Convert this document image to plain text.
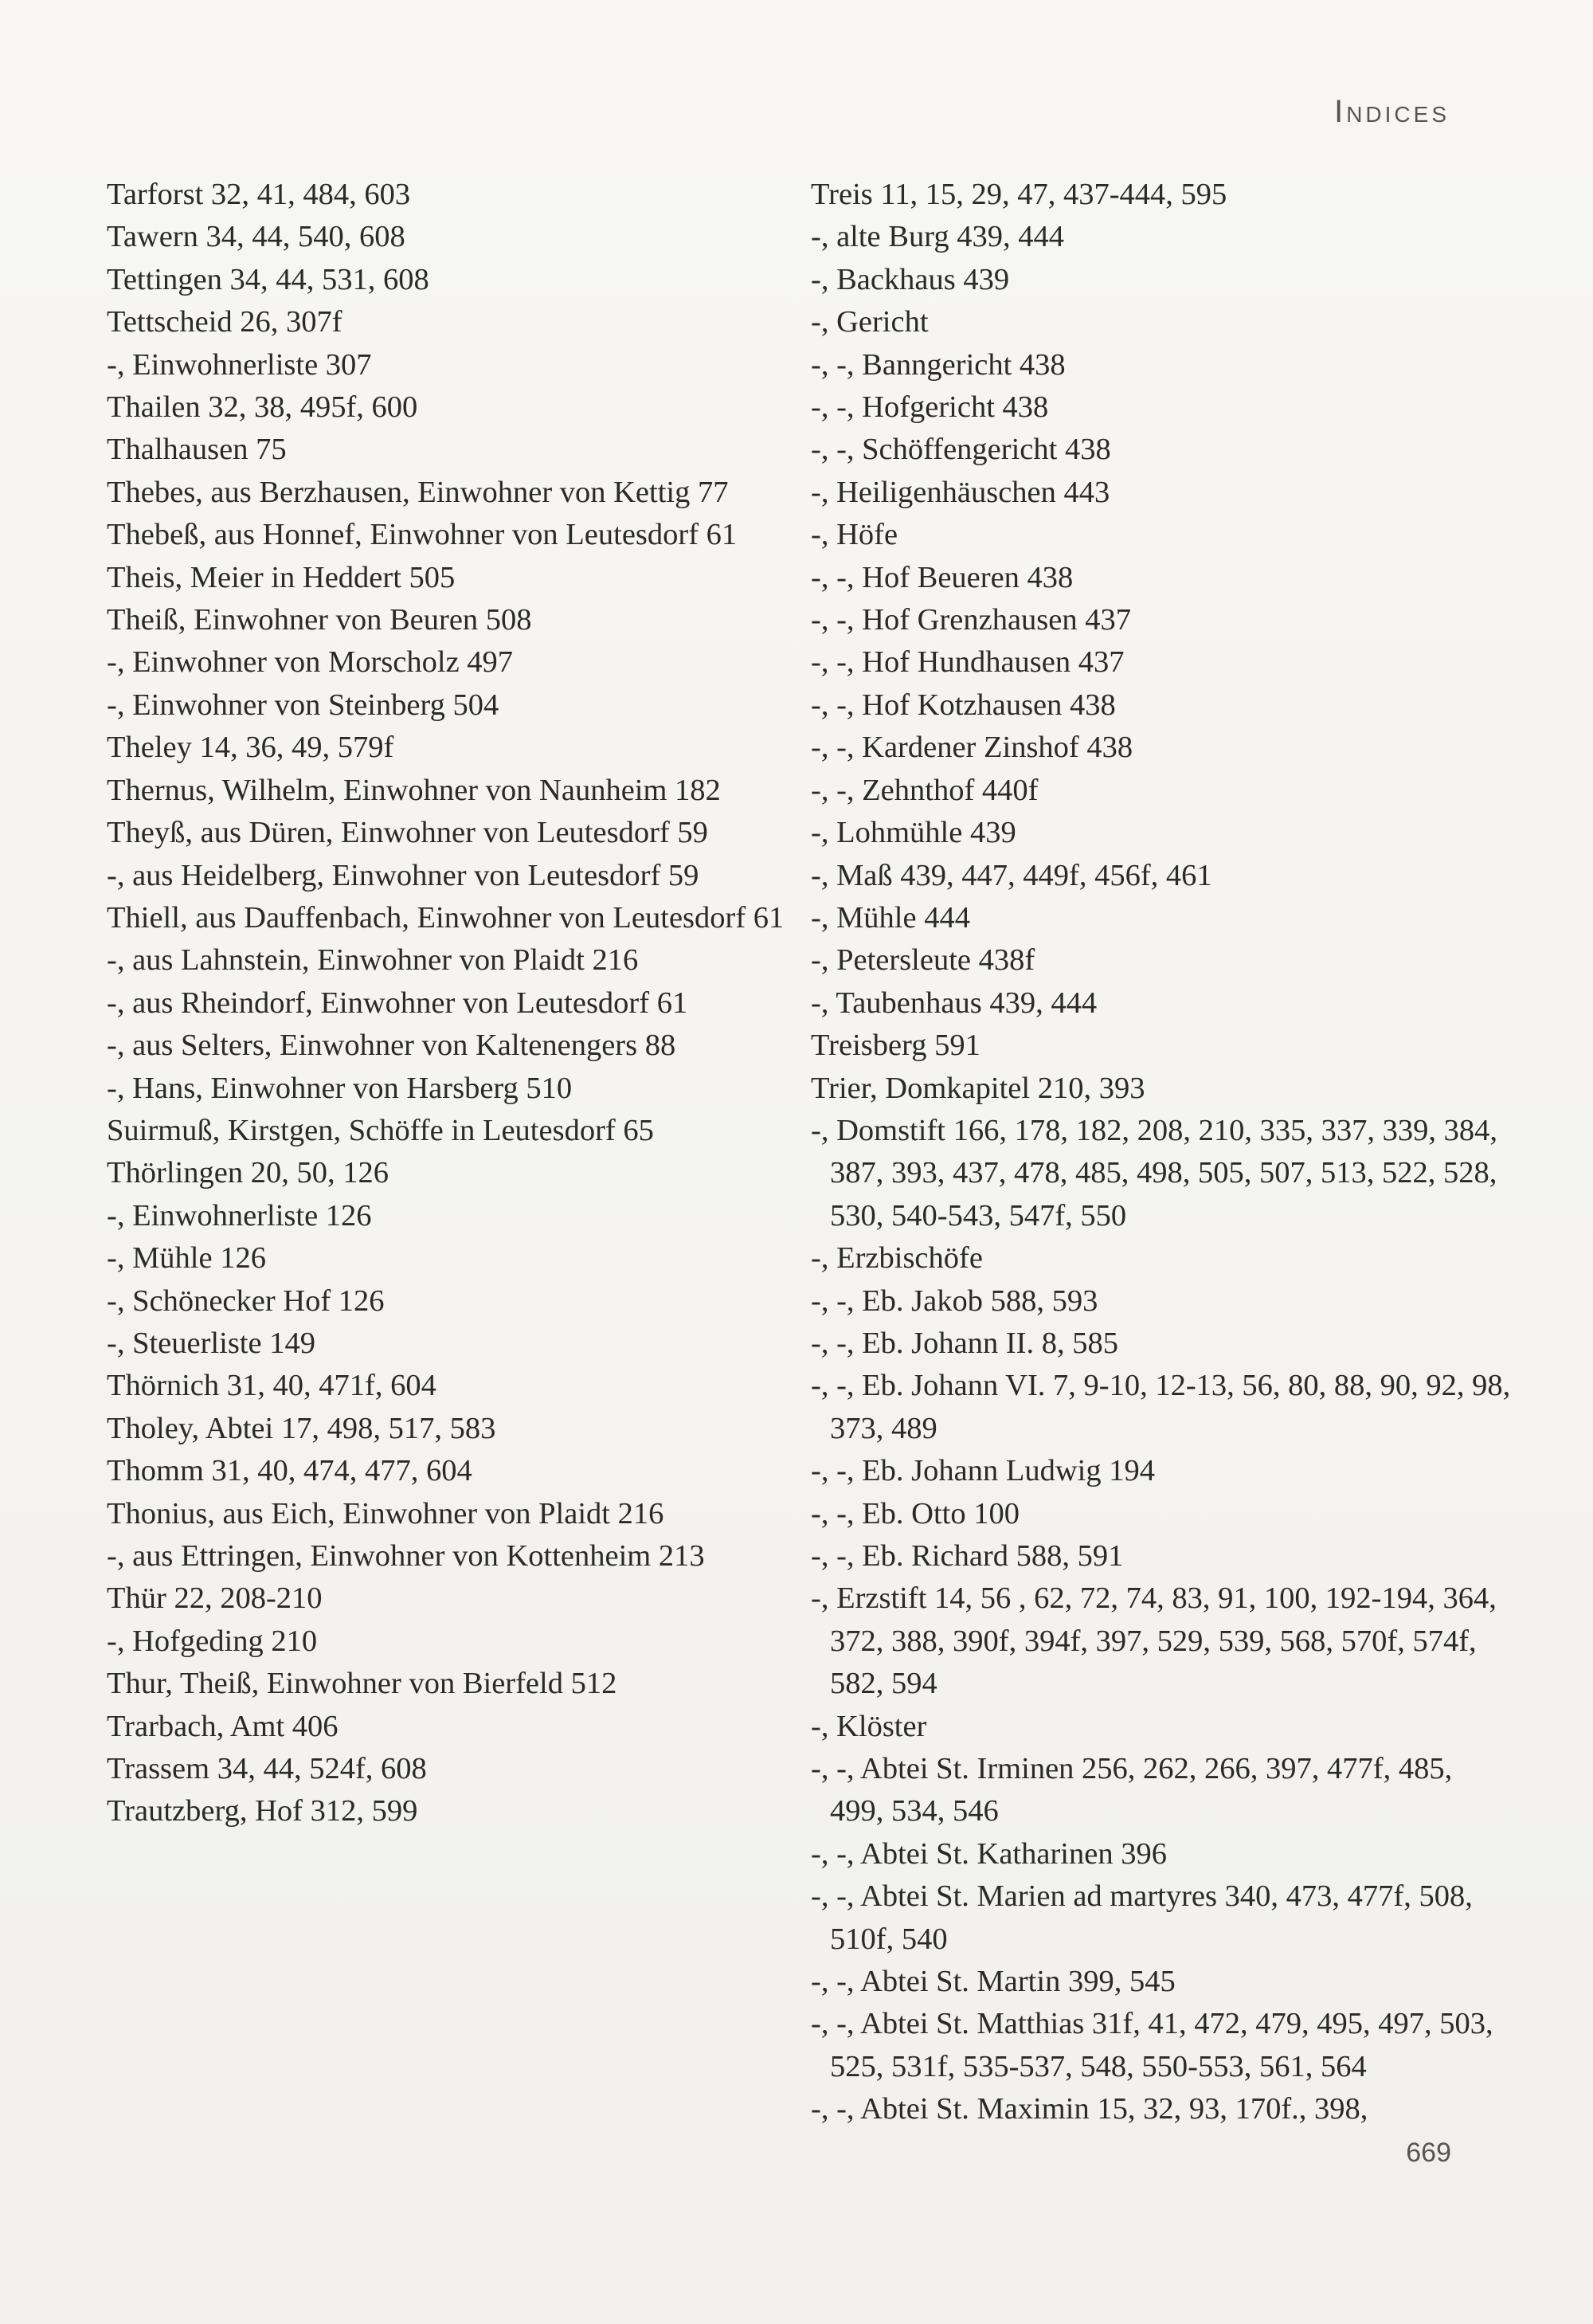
Indices
Tarforst 32, 41, 484, 603
Tawern 34, 44, 540, 608
Tettingen 34, 44, 531, 608
Tettscheid 26, 307f
-, Einwohnerliste 307
Thailen 32, 38, 495f, 600
Thalhausen 75
Thebes, aus Berzhausen, Einwohner von Kettig 77
Thebeß, aus Honnef, Einwohner von Leutesdorf 61
Theis, Meier in Heddert 505
Theiß, Einwohner von Beuren 508
-, Einwohner von Morscholz 497
-, Einwohner von Steinberg 504
Theley 14, 36, 49, 579f
Thernus, Wilhelm, Einwohner von Naunheim 182
Theyß, aus Düren, Einwohner von Leutesdorf 59
-, aus Heidelberg, Einwohner von Leutesdorf 59
Thiell, aus Dauffenbach, Einwohner von Leutesdorf 61
-, aus Lahnstein, Einwohner von Plaidt 216
-, aus Rheindorf, Einwohner von Leutesdorf 61
-, aus Selters, Einwohner von Kaltenengers 88
-, Hans, Einwohner von Harsberg 510
Suirmuß, Kirstgen, Schöffe in Leutesdorf 65
Thörlingen 20, 50, 126
-, Einwohnerliste 126
-, Mühle 126
-, Schönecker Hof 126
-, Steuerliste 149
Thörnich 31, 40, 471f, 604
Tholey, Abtei 17, 498, 517, 583
Thomm 31, 40, 474, 477, 604
Thonius, aus Eich, Einwohner von Plaidt 216
-, aus Ettringen, Einwohner von Kottenheim 213
Thür 22, 208-210
-, Hofgeding 210
Thur, Theiß, Einwohner von Bierfeld 512
Trarbach, Amt 406
Trassem 34, 44, 524f, 608
Trautzberg, Hof 312, 599
Treis 11, 15, 29, 47, 437-444, 595
-, alte Burg 439, 444
-, Backhaus 439
-, Gericht
-, -, Banngericht 438
-, -, Hofgericht 438
-, -, Schöffengericht 438
-, Heiligenhäuschen 443
-, Höfe
-, -, Hof Beueren 438
-, -, Hof Grenzhausen 437
-, -, Hof Hundhausen 437
-, -, Hof Kotzhausen 438
-, -, Kardener Zinshof 438
-, -, Zehnthof 440f
-, Lohmühle 439
-, Maß 439, 447, 449f, 456f, 461
-, Mühle 444
-, Petersleute 438f
-, Taubenhaus 439, 444
Treisberg 591
Trier, Domkapitel 210, 393
-, Domstift 166, 178, 182, 208, 210, 335, 337, 339, 384, 387, 393, 437, 478, 485, 498, 505, 507, 513, 522, 528, 530, 540-543, 547f, 550
-, Erzbischöfe
-, -, Eb. Jakob 588, 593
-, -, Eb. Johann II. 8, 585
-, -, Eb. Johann VI. 7, 9-10, 12-13, 56, 80, 88, 90, 92, 98, 373, 489
-, -, Eb. Johann Ludwig 194
-, -, Eb. Otto 100
-, -, Eb. Richard 588, 591
-, Erzstift 14, 56 , 62, 72, 74, 83, 91, 100, 192-194, 364, 372, 388, 390f, 394f, 397, 529, 539, 568, 570f, 574f, 582, 594
-, Klöster
-, -, Abtei St. Irminen 256, 262, 266, 397, 477f, 485, 499, 534, 546
-, -, Abtei St. Katharinen 396
-, -, Abtei St. Marien ad martyres 340, 473, 477f, 508, 510f, 540
-, -, Abtei St. Martin 399, 545
-, -, Abtei St. Matthias 31f, 41, 472, 479, 495, 497, 503, 525, 531f, 535-537, 548, 550-553, 561, 564
-, -, Abtei St. Maximin 15, 32, 93, 170f., 398,
669
